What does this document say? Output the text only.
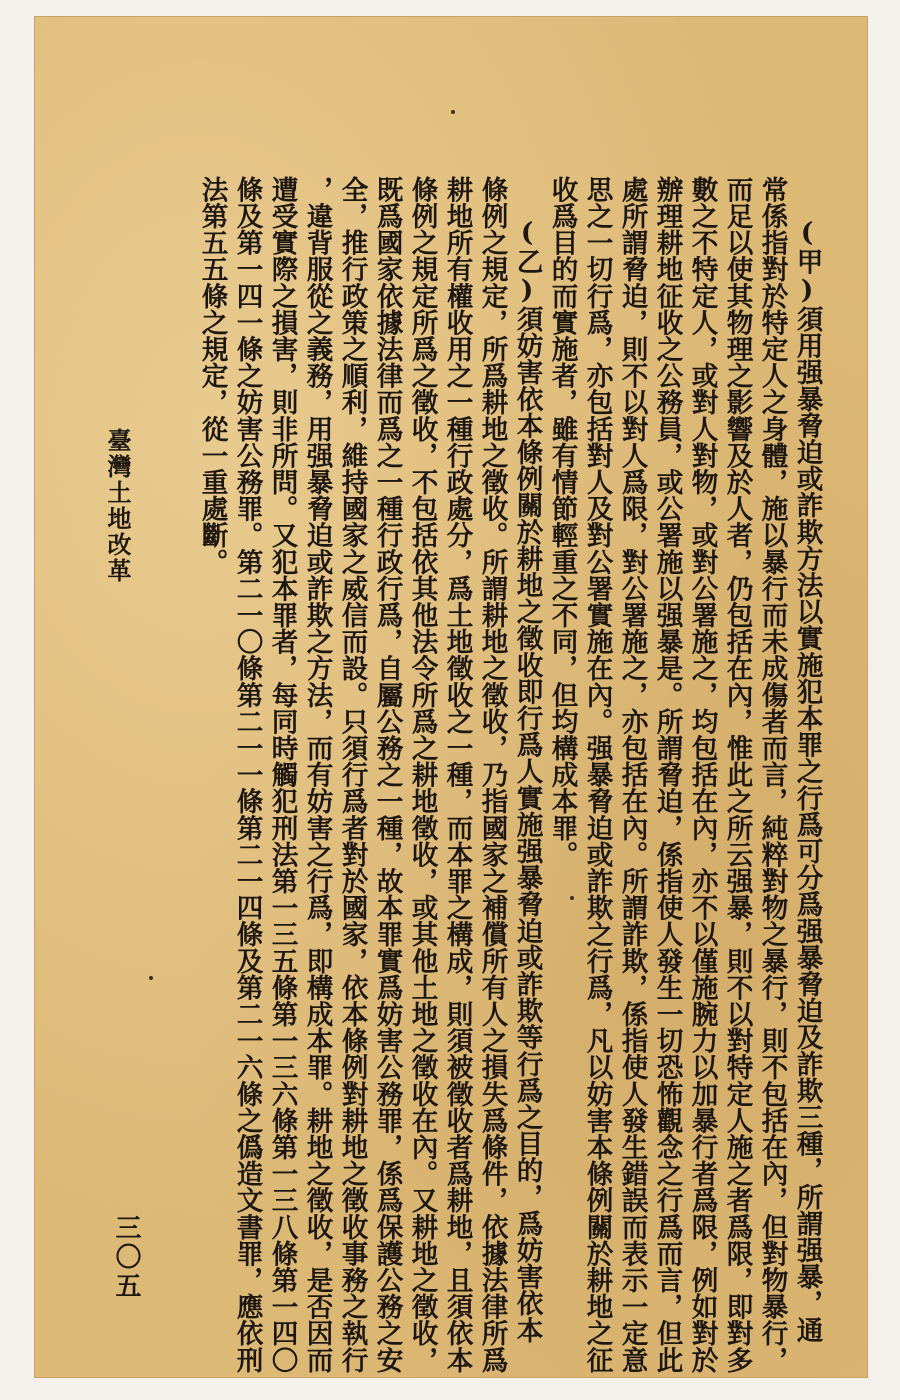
(甲)須用强暴脅迫或詐欺方法以實施犯本罪之行爲可分爲强暴脅迫及詐欺三種，所謂强暴，通
常係指對於特定人之身體，施以暴行而未成傷者而言，純粹對物之暴行，則不包括在內，但對物暴行，
而足以使其物理之影響及於人者，仍包括在內，惟此之所云强暴，則不以對特定人施之者爲限，即對多
數之不特定人，或對人對物，或對公署施之，均包括在內，亦不以僅施腕力以加暴行者爲限，例如對於
辦理耕地征收之公務員，或公署施以强暴是。所謂脅迫，係指使人發生一切恐怖觀念之行爲而言，但此
處所謂脅迫，則不以對人爲限，對公署施之，亦包括在內。所謂詐欺，係指使人發生錯誤而表示一定意
思之一切行爲，亦包括對人及對公署實施在內。强暴脅迫或詐欺之行爲，凡以妨害本條例關於耕地之征
收爲目的而實施者，雖有情節輕重之不同，但均構成本罪。
(乙)須妨害依本條例關於耕地之徵收即行爲人實施强暴脅迫或詐欺等行爲之目的，爲妨害依本
條例之規定，所爲耕地之徵收。所謂耕地之徵收，乃指國家之補償所有人之損失爲條件，依據法律所爲
耕地所有權收用之一種行政處分，爲土地徵收之一種，而本罪之構成，則須被徵收者爲耕地，且須依本
條例之規定所爲之徵收，不包括依其他法令所爲之耕地徵收，或其他土地之徵收在內。又耕地之徵收，
既爲國家依據法律而爲之一種行政行爲，自屬公務之一種，故本罪實爲妨害公務罪，係爲保護公務之安
全，推行政策之順利，維持國家之威信而設。只須行爲者對於國家，依本條例對耕地之徵收事務之執行
，違背服從之義務，用强暴脅迫或詐欺之方法，而有妨害之行爲，即構成本罪。耕地之徵收，是否因而
遭受實際之損害，則非所問。又犯本罪者，每同時觸犯刑法第一三五條第一三六條第一三八條第一四〇
條及第一四一條之妨害公務罪。第二一〇條第二一一條第二一四條及第二一六條之僞造文書罪，應依刑
法第五五條之規定，從一重處斷。
臺灣土地改革
三〇五
